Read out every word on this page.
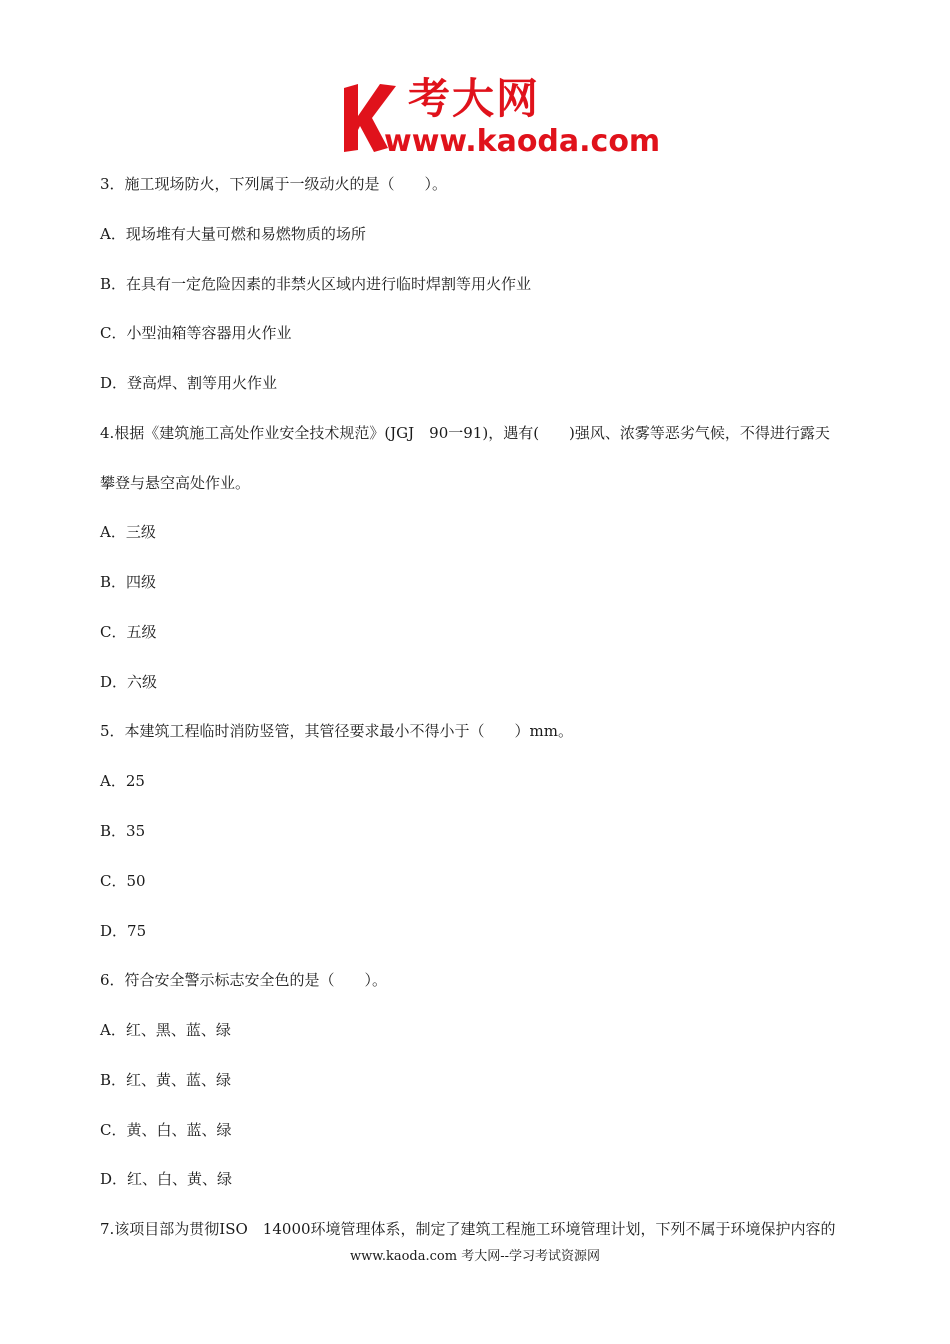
考大网
www.kaoda.com
3．施工现场防火，下列属于一级动火的是（　　）。
A．现场堆有大量可燃和易燃物质的场所
B．在具有一定危险因素的非禁火区域内进行临时焊割等用火作业
C．小型油箱等容器用火作业
D．登高焊、割等用火作业
4.根据《建筑施工高处作业安全技术规范》(JGJ　90一91)，遇有(　　)强风、浓雾等恶劣气候，不得进行露天
攀登与悬空高处作业。
A．三级
B．四级
C．五级
D．六级
5．本建筑工程临时消防竖管，其管径要求最小不得小于（　　）mm。
A．25
B．35
C．50
D．75
6．符合安全警示标志安全色的是（　　）。
A．红、黑、蓝、绿
B．红、黄、蓝、绿
C．黄、白、蓝、绿
D．红、白、黄、绿
7.该项目部为贯彻ISO　14000环境管理体系，制定了建筑工程施工环境管理计划，下列不属于环境保护内容的
www.kaoda.com 考大网--学习考试资源网
